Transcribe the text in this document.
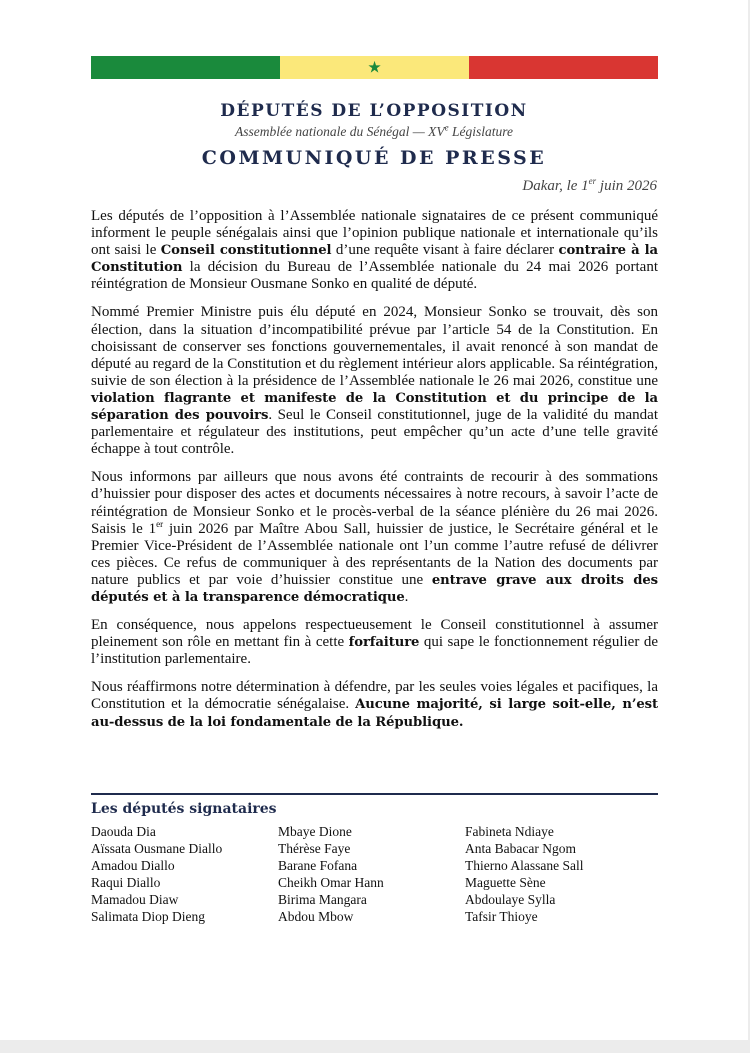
★
DÉPUTÉS DE L’OPPOSITION
Assemblée nationale du Sénégal — XVe Législature
COMMUNIQUÉ DE PRESSE
Dakar, le 1er juin 2026

Les députés de l’opposition à l’Assemblée nationale signataires de ce présent communiqué informent le peuple sénégalais ainsi que l’opinion publique nationale et internationale qu’ils ont saisi le Conseil constitutionnel d’une requête visant à faire déclarer contraire à la Constitution la décision du Bureau de l’Assemblée nationale du 24 mai 2026 portant réintégration de Monsieur Ousmane Sonko en qualité de député.

Nommé Premier Ministre puis élu député en 2024, Monsieur Sonko se trouvait, dès son élection, dans la situation d’incompatibilité prévue par l’article 54 de la Constitution. En choisissant de conserver ses fonctions gouvernementales, il avait renoncé à son mandat de député au regard de la Constitution et du règlement intérieur alors applicable. Sa réintégration, suivie de son élection à la présidence de l’Assemblée nationale le 26 mai 2026, constitue une violation flagrante et manifeste de la Constitution et du principe de la séparation des pouvoirs. Seul le Conseil constitutionnel, juge de la validité du mandat parlementaire et régulateur des institutions, peut empêcher qu’un acte d’une telle gravité échappe à tout contrôle.

Nous informons par ailleurs que nous avons été contraints de recourir à des sommations d’huissier pour disposer des actes et documents nécessaires à notre recours, à savoir l’acte de réintégration de Monsieur Sonko et le procès-verbal de la séance plénière du 26 mai 2026. Saisis le 1er juin 2026 par Maître Abou Sall, huissier de justice, le Secrétaire général et le Premier Vice-Président de l’Assemblée nationale ont l’un comme l’autre refusé de délivrer ces pièces. Ce refus de communiquer à des représentants de la Nation des documents par nature publics et par voie d’huissier constitue une entrave grave aux droits des députés et à la transparence démocratique.

En conséquence, nous appelons respectueusement le Conseil constitutionnel à assumer pleinement son rôle en mettant fin à cette forfaiture qui sape le fonctionnement régulier de l’institution parlementaire.

Nous réaffirmons notre détermination à défendre, par les seules voies légales et pacifiques, la Constitution et la démocratie sénégalaise. Aucune majorité, si large soit-elle, n’est au-dessus de la loi fondamentale de la République.

Les députés signataires
Daouda Dia
Aïssata Ousmane Diallo
Amadou Diallo
Raqui Diallo
Mamadou Diaw
Salimata Diop Dieng
Mbaye Dione
Thérèse Faye
Barane Fofana
Cheikh Omar Hann
Birima Mangara
Abdou Mbow
Fabineta Ndiaye
Anta Babacar Ngom
Thierno Alassane Sall
Maguette Sène
Abdoulaye Sylla
Tafsir Thioye
